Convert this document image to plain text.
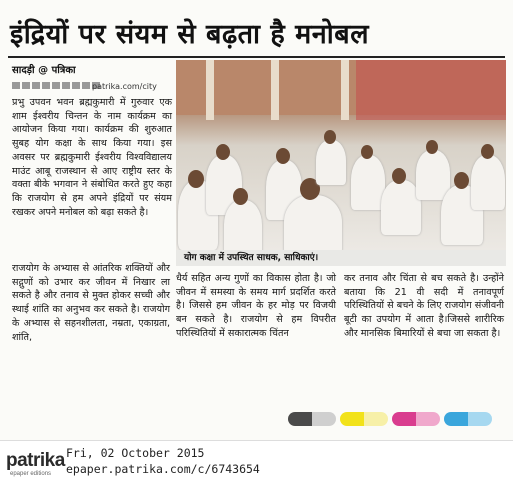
इंद्रियों पर संयम से बढ़ता है मनोबल
सादड़ी @ पत्रिका
patrika.com/city
योग कक्षा में उपस्थित साधक, साधिकाएं।

प्रभु उपवन भवन ब्रह्मकुमारी में गुरुवार एक शाम ईश्वरीय चिन्तन के नाम कार्यक्रम का आयोजन किया गया। कार्यक्रम की शुरुआत सुबह योग कक्षा के साथ किया गया। इस अवसर पर ब्रह्मकुमारी ईश्वरीय विश्वविद्यालय माउंट आबू राजस्थान से आए राष्ट्रीय स्तर के वक्ता बीके भगवान ने संबोधित करते हुए कहा कि राजयोग से हम अपने इंद्रियों पर संयम रखकर अपने मनोबल को बढ़ा सकते है।

राजयोग के अभ्यास से आंतरिक शक्तियों और सद्गुणों को उभार कर जीवन में निखार ला सकते है और तनाव से मुक्त होकर सच्ची और स्थाई शांति का अनुभव कर सकते है। राजयोग के अभ्यास से सहनशीलता, नम्रता, एकाग्रता, शांति,

धैर्य सहित अन्य गुणों का विकास होता है। जो जीवन में समस्या के समय मार्ग प्रदर्शित करते है। जिससे हम जीवन के हर मोड़ पर विजयी बन सकते है। राजयोग से हम विपरीत परिस्थितियों में सकारात्मक चिंतन

कर तनाव और चिंता से बच सकते है। उन्होंने बताया कि 21 वी सदी में तनावपूर्ण परिस्थितियों से बचने के लिए राजयोग संजीवनी बूटी का उपयोग में आता है।जिससे शारीरिक और मानसिक बिमारियों से बचा जा सकता है।

patrika
epaper editions
Fri, 02 October 2015
epaper.patrika.com/c/6743654
